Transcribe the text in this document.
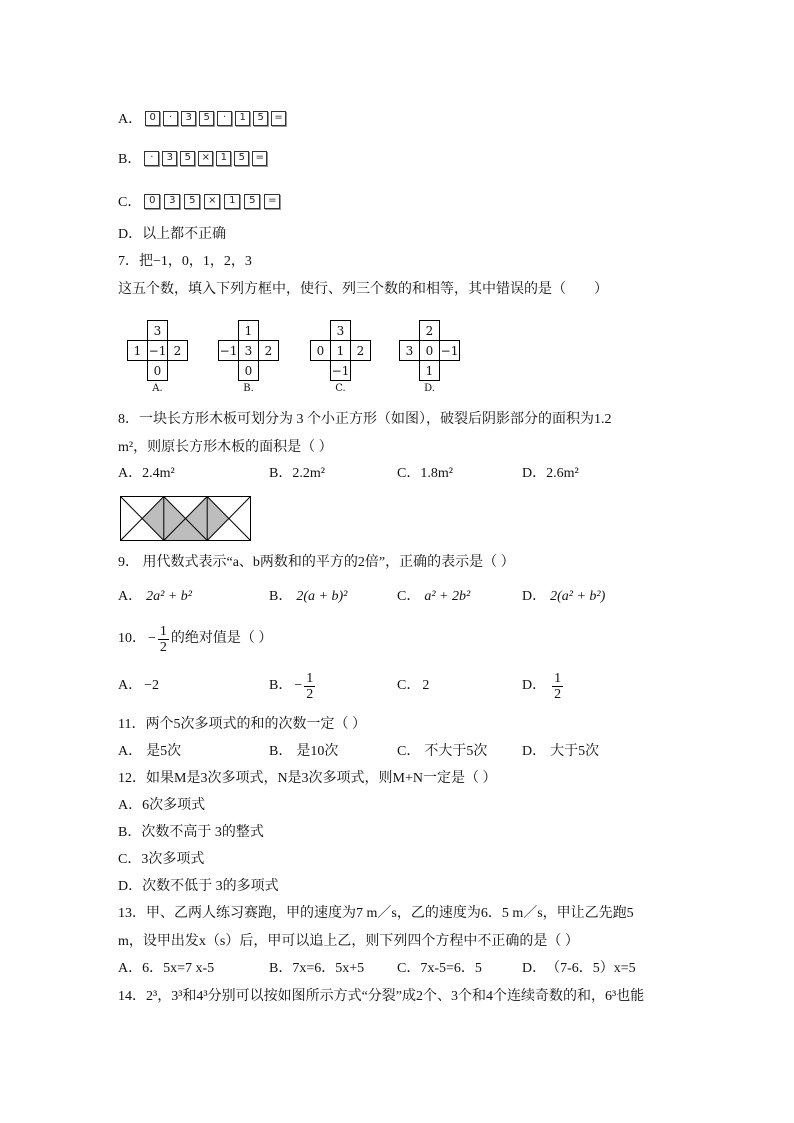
A． 0	·	3	5	·	1	5	=
B． ·	3	5	×	1	5	=
C． 0	3	5	×	1	5	=
D． 以上都不正确
7．把−1，0，1，2，3
这五个数，填入下列方框中，使行、列三个数的和相等，其中错误的是（　　）
3
1 −1 2
0
A.
1
−1 3	2
0
B.
3
0	1	2
−1
C.
2
3	0 −1
1
D.
8．一块长方形木板可划分为 3 个小正方形（如图），破裂后阴影部分的面积为1.2
m²，则原长方形木板的面积是（ ）
A． 2.4m²	B． 2.2m²	C． 1.8m²	D． 2.6m²
9． 用代数式表示“a、b两数和的平方的2倍”，正确的表示是（ ）
A． 2a² + b²	B． 2(a + b)²	C． a² + 2b²	D． 2(a² + b²)
10． − $\frac{1}{2}$ 的绝对值是（ ）
A． −2	B． − $\frac{1}{2}$	C． 2	D． $\frac{1}{2}$
11．两个5次多项式的和的次数一定（ ）
A． 是5次	B． 是10次	C． 不大于5次 D． 大于5次
12．如果M是3次多项式，N是3次多项式，则M+N一定是（ ）
A． 6次多项式
B． 次数不高于 3的整式
C． 3次多项式
D． 次数不低于 3的多项式
13．甲、乙两人练习赛跑，甲的速度为7 m／s，乙的速度为6．5 m／s，甲让乙先跑5
m，设甲出发x（s）后，甲可以追上乙，则下列四个方程中不正确的是（ ）
A． 6．5x=7 x-5	B． 7x=6．5x+5 C． 7x-5=6．5	D． （7-6．5）x=5
14．2³，3³和4³分别可以按如图所示方式“分裂”成2个、3个和4个连续奇数的和，6³也能
